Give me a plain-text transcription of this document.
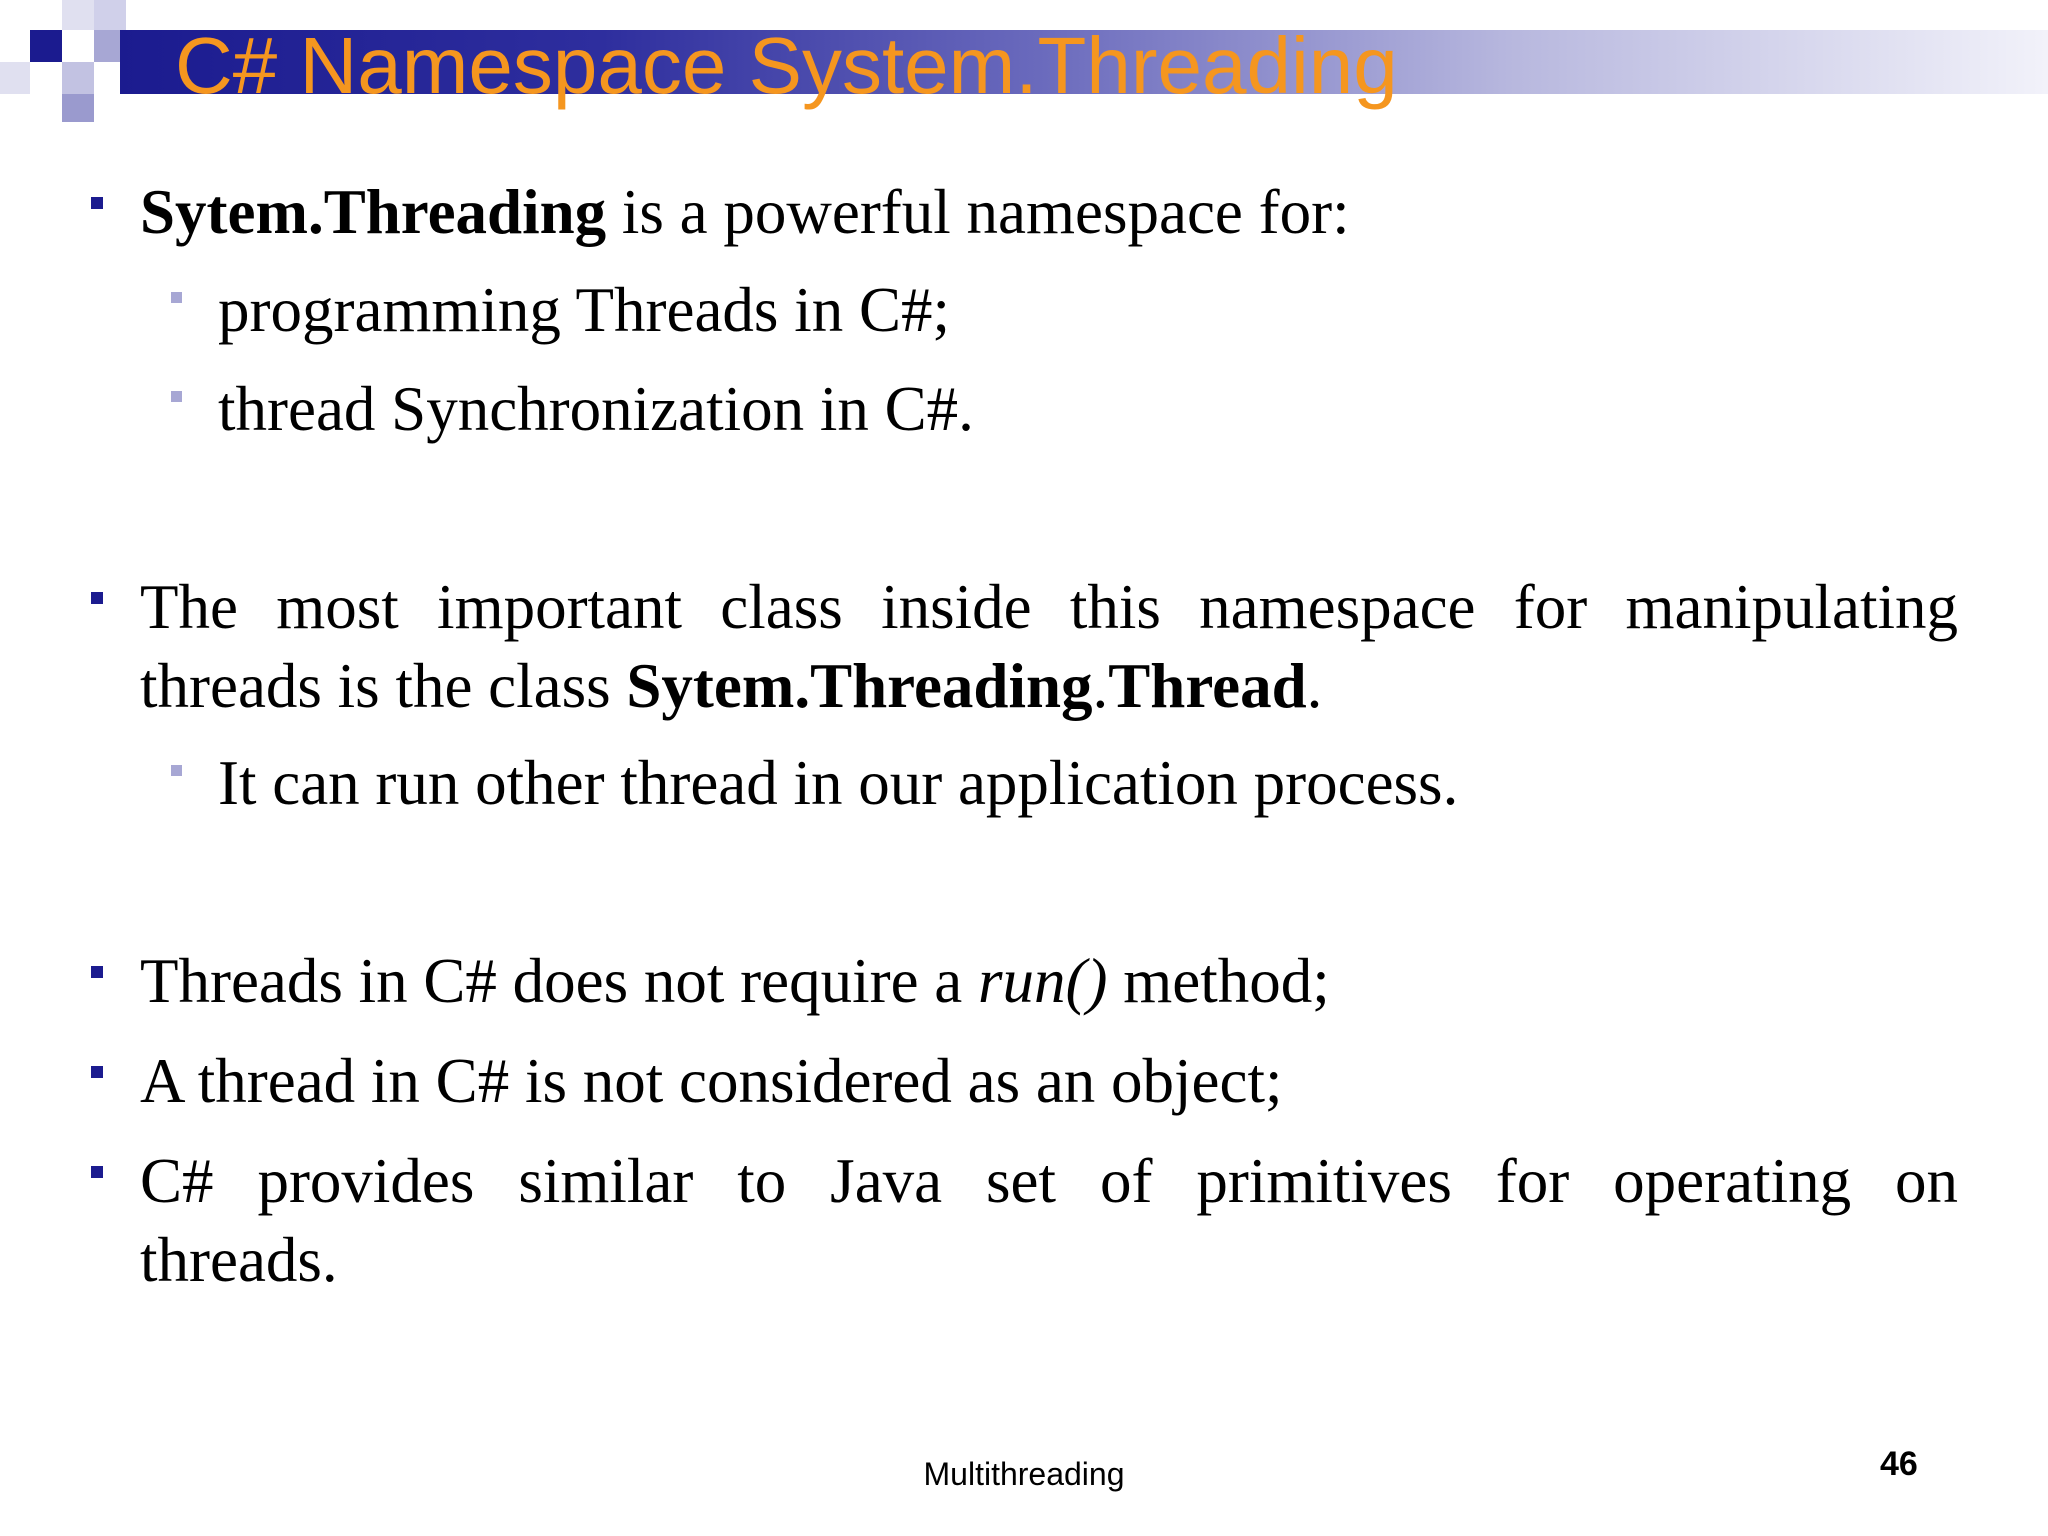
C# Namespace System.Threading
Sytem.Threading is a powerful namespace for:
programming Threads in C#;
thread Synchronization in C#.
The most important class inside this namespace for manipulating
threads is the class Sytem.Threading.Thread.
It can run other thread in our application process.
Threads in C# does not require a run() method;
A thread in C# is not considered as an object;
C# provides similar to Java set of primitives for operating on
threads.
Multithreading	46
